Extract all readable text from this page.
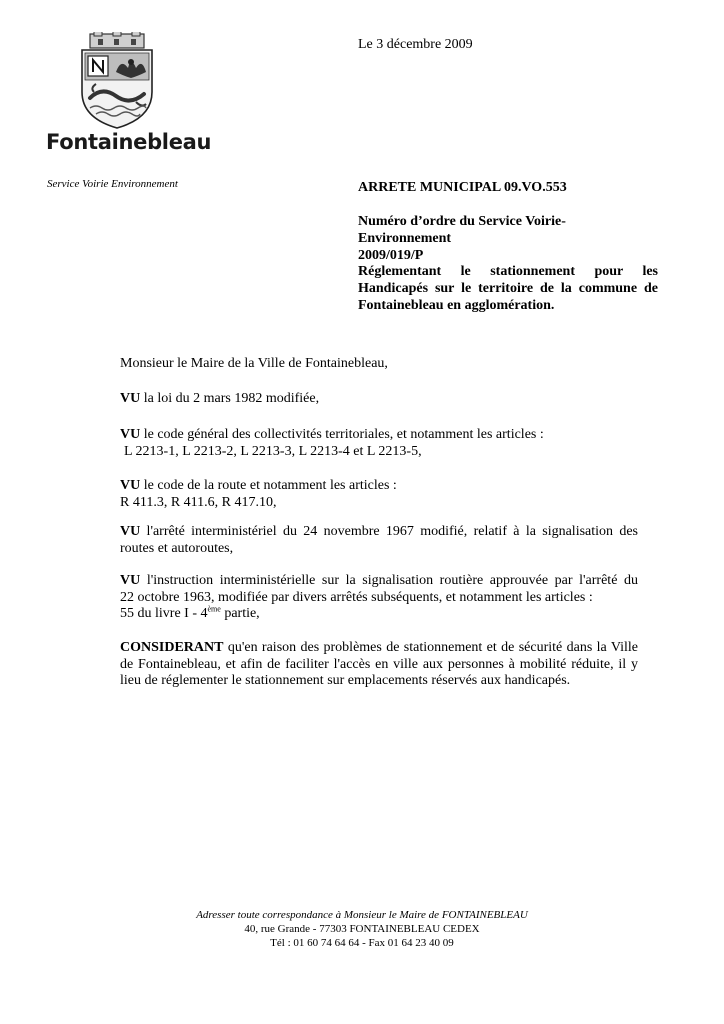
Fontainebleau
Service Voirie Environnement
Le 3 décembre 2009
ARRETE MUNICIPAL 09.VO.553
Numéro d’ordre du Service Voirie-Environnement
2009/019/P
Réglementant le stationnement pour les Handicapés sur le territoire de la commune de Fontainebleau en agglomération.
Monsieur le Maire de la Ville de Fontainebleau,
VU la loi du 2 mars 1982 modifiée,
VU le code général des collectivités territoriales, et notamment les articles :
L 2213-1, L 2213-2, L 2213-3, L 2213-4 et L 2213-5,
VU le code de la route et notamment les articles :
R 411.3, R 411.6, R 417.10,
VU l'arrêté interministériel du 24 novembre 1967 modifié, relatif à la signalisation des routes et autoroutes,
VU l'instruction interministérielle sur la signalisation routière approuvée par l'arrêté du
22 octobre 1963, modifiée par divers arrêtés subséquents, et notamment les articles :
55 du livre I - 4ème partie,
CONSIDERANT qu'en raison des problèmes de stationnement et de sécurité dans la Ville de Fontainebleau, et afin de faciliter l'accès en ville aux personnes à mobilité réduite, il y lieu de réglementer le stationnement sur emplacements réservés aux handicapés.
Adresser toute correspondance à Monsieur le Maire de FONTAINEBLEAU
40, rue Grande - 77303 FONTAINEBLEAU CEDEX
Tél : 01 60 74 64 64 - Fax 01 64 23 40 09
